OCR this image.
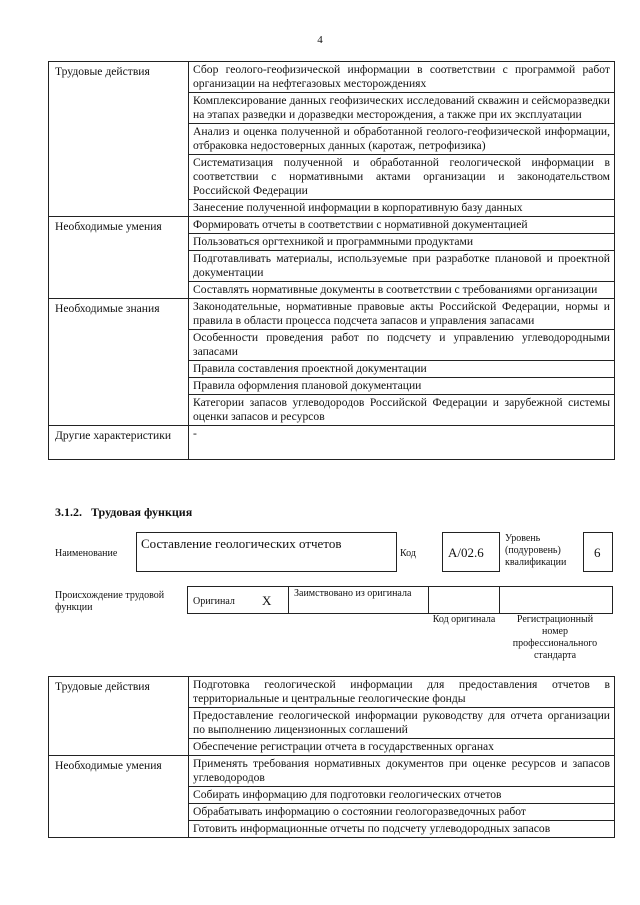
4
Трудовые действия	Сбор геолого-геофизической информации в соответствии с программой работ организации на нефтегазовых месторождениях
	Комплексирование данных геофизических исследований скважин и сейсморазведки на этапах разведки и доразведки месторождения, а также при их эксплуатации
	Анализ и оценка полученной и обработанной геолого-геофизической информации, отбраковка недостоверных данных (каротаж, петрофизика)
	Систематизация полученной и обработанной геологической информации в соответствии с нормативными актами организации и законодательством Российской Федерации
	Занесение полученной информации в корпоративную базу данных
Необходимые умения	Формировать отчеты в соответствии с нормативной документацией
	Пользоваться оргтехникой и программными продуктами
	Подготавливать материалы, используемые при разработке плановой и проектной документации
	Составлять нормативные документы в соответствии с требованиями организации
Необходимые знания	Законодательные, нормативные правовые акты Российской Федерации, нормы и правила в области процесса подсчета запасов и управления запасами
	Особенности проведения работ по подсчету и управлению углеводородными запасами
	Правила составления проектной документации
	Правила оформления плановой документации
	Категории запасов углеводородов Российской Федерации и зарубежной системы оценки запасов и ресурсов
Другие характеристики	-
3.1.2. Трудовая функция
Наименование
Составление геологических отчетов
Код А/02.6
Уровень (подуровень) квалификации
6
Происхождение трудовой функции
Оригинал X Заимствовано из оригинала
Код оригинала	Регистрационный номер профессионального стандарта
Трудовые действия	Подготовка геологической информации для предоставления отчетов в территориальные и центральные геологические фонды
	Предоставление геологической информации руководству для отчета организации по выполнению лицензионных соглашений
	Обеспечение регистрации отчета в государственных органах
Необходимые умения	Применять требования нормативных документов при оценке ресурсов и запасов углеводородов
	Собирать информацию для подготовки геологических отчетов
	Обрабатывать информацию о состоянии геологоразведочных работ
	Готовить информационные отчеты по подсчету углеводородных запасов
